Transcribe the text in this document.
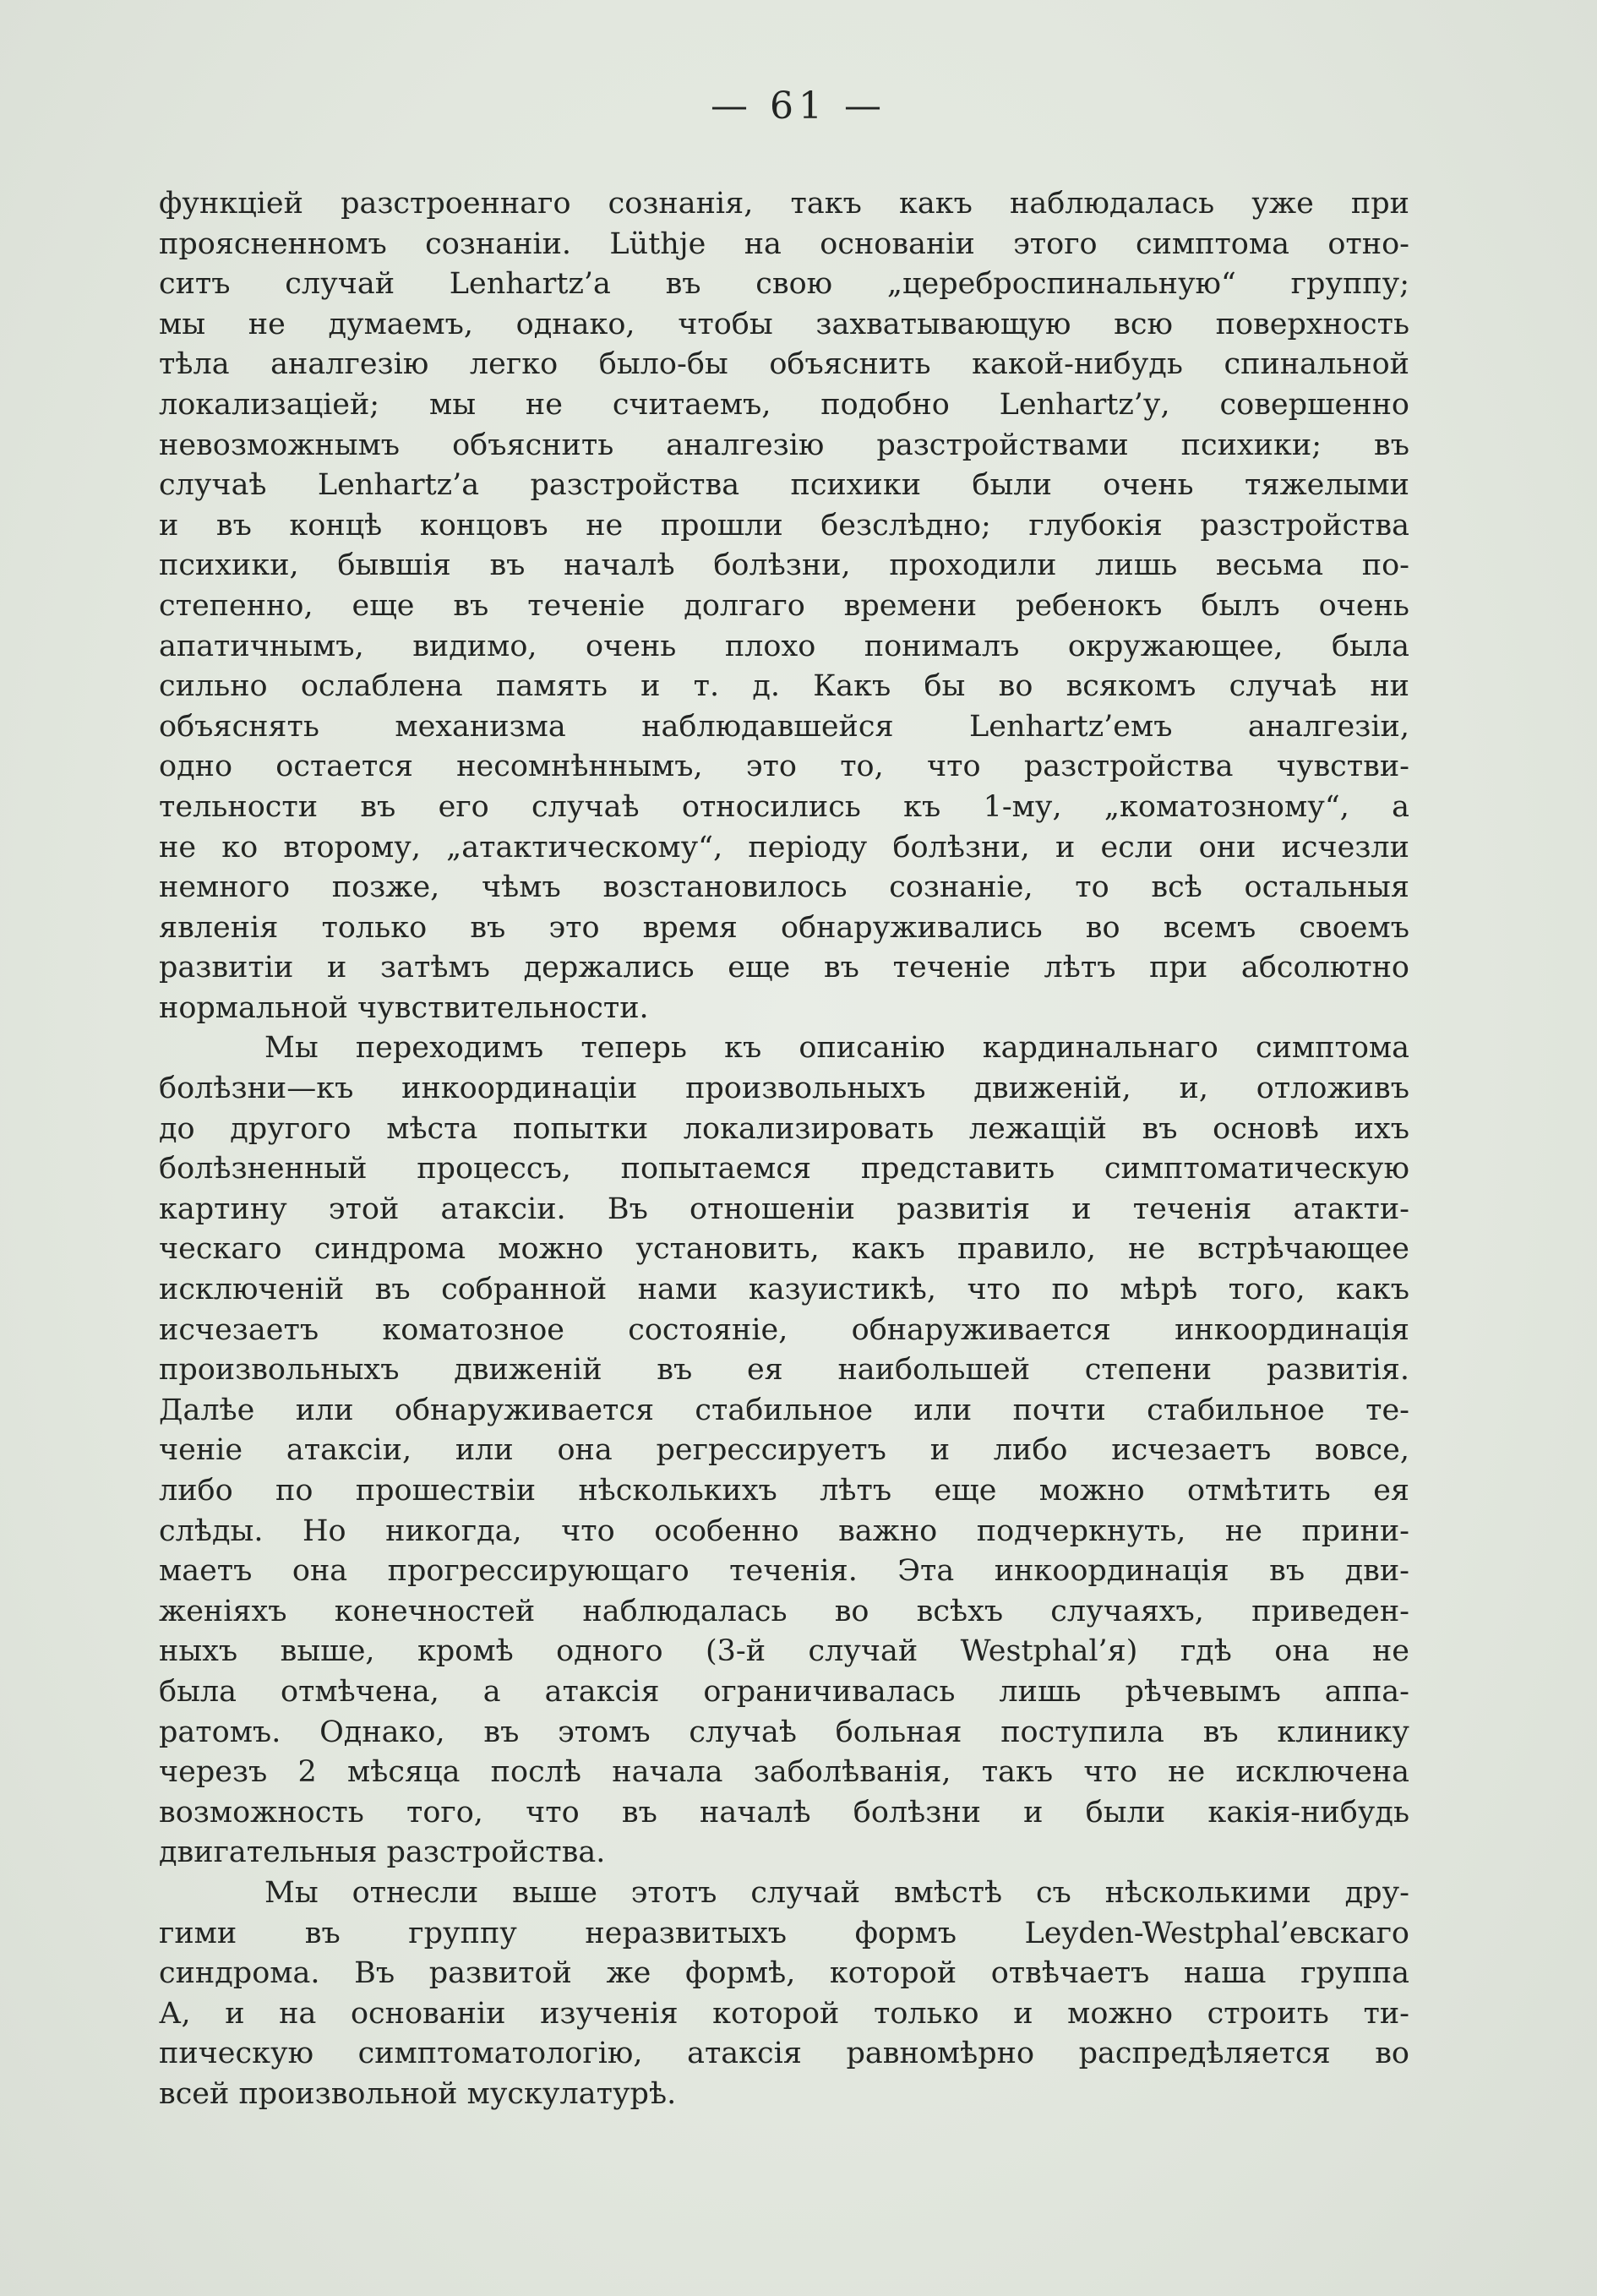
— 61 —
функціей разстроеннаго сознанія, такъ какъ наблюдалась уже при
проясненномъ сознаніи. Lüthje на основаніи этого симптома отно-
ситъ случай Lenhartz’а въ свою „цереброспинальную“ группу;
мы не думаемъ, однако, чтобы захватывающую всю поверхность
тѣла аналгезію легко было-бы объяснить какой-нибудь спинальной
локализаціей; мы не считаемъ, подобно Lenhartz’у, совершенно
невозможнымъ объяснить аналгезію разстройствами психики; въ
случаѣ Lenhartz’а разстройства психики были очень тяжелыми
и въ концѣ концовъ не прошли безслѣдно; глубокія разстройства
психики, бывшія въ началѣ болѣзни, проходили лишь весьма по-
степенно, еще въ теченіе долгаго времени ребенокъ былъ очень
апатичнымъ, видимо, очень плохо понималъ окружающее, была
сильно ослаблена память и т. д. Какъ бы во всякомъ случаѣ ни
объяснять механизма наблюдавшейся Lenhartz’емъ аналгезіи,
одно остается несомнѣннымъ, это то, что разстройства чувстви-
тельности въ его случаѣ относились къ 1-му, „коматозному“, а
не ко второму, „атактическому“, періоду болѣзни, и если они исчезли
немного позже, чѣмъ возстановилось сознаніе, то всѣ остальныя
явленія только въ это время обнаруживались во всемъ своемъ
развитіи и затѣмъ держались еще въ теченіе лѣтъ при абсолютно
нормальной чувствительности.
Мы переходимъ теперь къ описанію кардинальнаго симптома
болѣзни—къ инкоординаціи произвольныхъ движеній, и, отложивъ
до другого мѣста попытки локализировать лежащій въ основѣ ихъ
болѣзненный процессъ, попытаемся представить симптоматическую
картину этой атаксіи. Въ отношеніи развитія и теченія атакти-
ческаго синдрома можно установить, какъ правило, не встрѣчающее
исключеній въ собранной нами казуистикѣ, что по мѣрѣ того, какъ
исчезаетъ коматозное состояніе, обнаруживается инкоординація
произвольныхъ движеній въ ея наибольшей степени развитія.
Далѣе или обнаруживается стабильное или почти стабильное те-
ченіе атаксіи, или она регрессируетъ и либо исчезаетъ вовсе,
либо по прошествіи нѣсколькихъ лѣтъ еще можно отмѣтить ея
слѣды. Но никогда, что особенно важно подчеркнуть, не прини-
маетъ она прогрессирующаго теченія. Эта инкоординація въ дви-
женіяхъ конечностей наблюдалась во всѣхъ случаяхъ, приведен-
ныхъ выше, кромѣ одного (3-й случай Westphal’я) гдѣ она не
была отмѣчена, а атаксія ограничивалась лишь рѣчевымъ аппа-
ратомъ. Однако, въ этомъ случаѣ больная поступила въ клинику
черезъ 2 мѣсяца послѣ начала заболѣванія, такъ что не исключена
возможность того, что въ началѣ болѣзни и были какія-нибудь
двигательныя разстройства.
Мы отнесли выше этотъ случай вмѣстѣ съ нѣсколькими дру-
гими въ группу неразвитыхъ формъ Leyden-Westphal’евскаго
синдрома. Въ развитой же формѣ, которой отвѣчаетъ наша группа
А, и на основаніи изученія которой только и можно строить ти-
пическую симптоматологію, атаксія равномѣрно распредѣляется во
всей произвольной мускулатурѣ.
